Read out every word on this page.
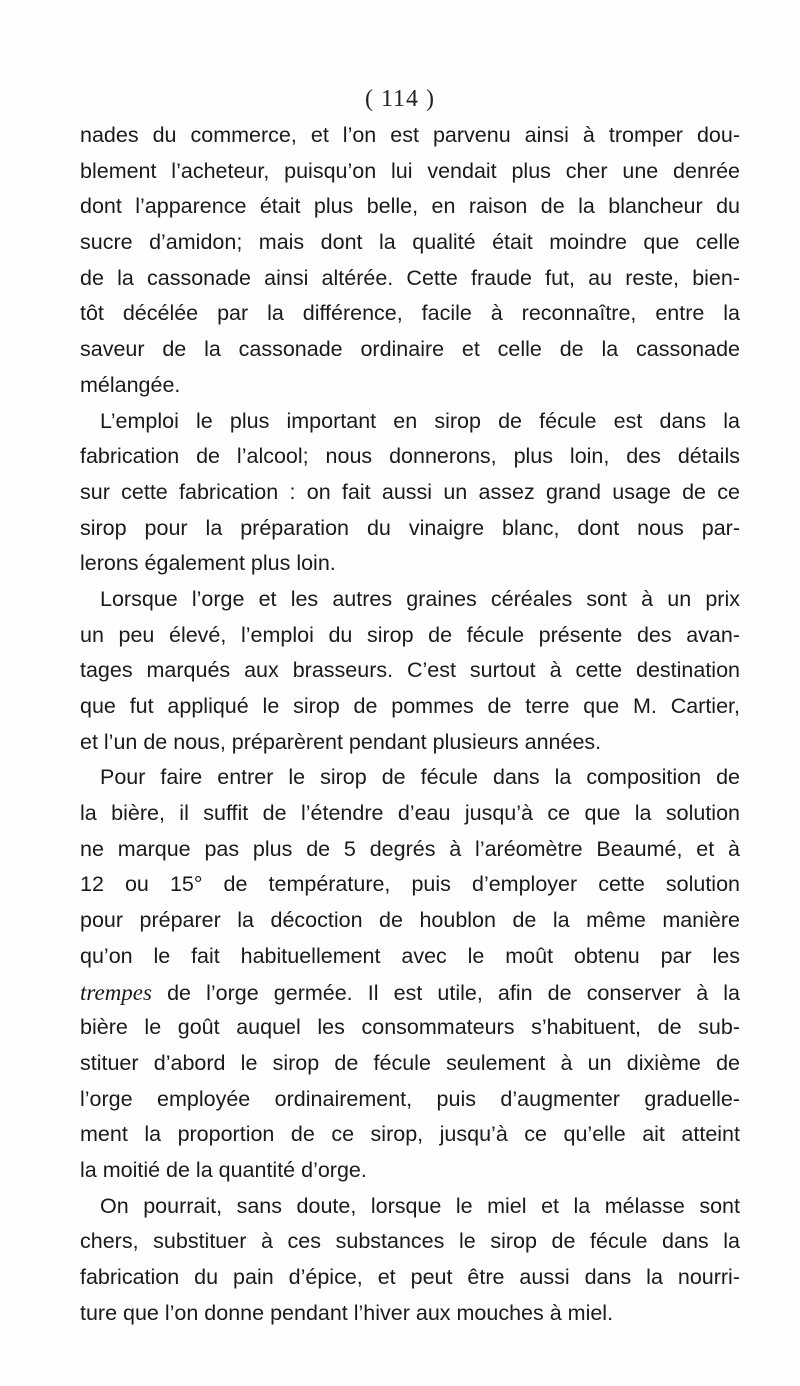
( 114 )
nades du commerce, et l’on est parvenu ainsi à tromper dou-
blement l’acheteur, puisqu’on lui vendait plus cher une denrée
dont l’apparence était plus belle, en raison de la blancheur du
sucre d’amidon; mais dont la qualité était moindre que celle
de la cassonade ainsi altérée. Cette fraude fut, au reste, bien-
tôt décélée par la différence, facile à reconnaître, entre la
saveur de la cassonade ordinaire et celle de la cassonade
mélangée.
L’emploi le plus important en sirop de fécule est dans la
fabrication de l’alcool; nous donnerons, plus loin, des détails
sur cette fabrication : on fait aussi un assez grand usage de ce
sirop pour la préparation du vinaigre blanc, dont nous par-
lerons également plus loin.
Lorsque l’orge et les autres graines céréales sont à un prix
un peu élevé, l’emploi du sirop de fécule présente des avan-
tages marqués aux brasseurs. C’est surtout à cette destination
que fut appliqué le sirop de pommes de terre que M. Cartier,
et l’un de nous, préparèrent pendant plusieurs années.
Pour faire entrer le sirop de fécule dans la composition de
la bière, il suffit de l’étendre d’eau jusqu’à ce que la solution
ne marque pas plus de 5 degrés à l’aréomètre Beaumé, et à
12 ou 15° de température, puis d’employer cette solution
pour préparer la décoction de houblon de la même manière
qu’on le fait habituellement avec le moût obtenu par les
trempes de l’orge germée. Il est utile, afin de conserver à la
bière le goût auquel les consommateurs s’habituent, de sub-
stituer d’abord le sirop de fécule seulement à un dixième de
l’orge employée ordinairement, puis d’augmenter graduelle-
ment la proportion de ce sirop, jusqu’à ce qu’elle ait atteint
la moitié de la quantité d’orge.
On pourrait, sans doute, lorsque le miel et la mélasse sont
chers, substituer à ces substances le sirop de fécule dans la
fabrication du pain d’épice, et peut être aussi dans la nourri-
ture que l’on donne pendant l’hiver aux mouches à miel.
